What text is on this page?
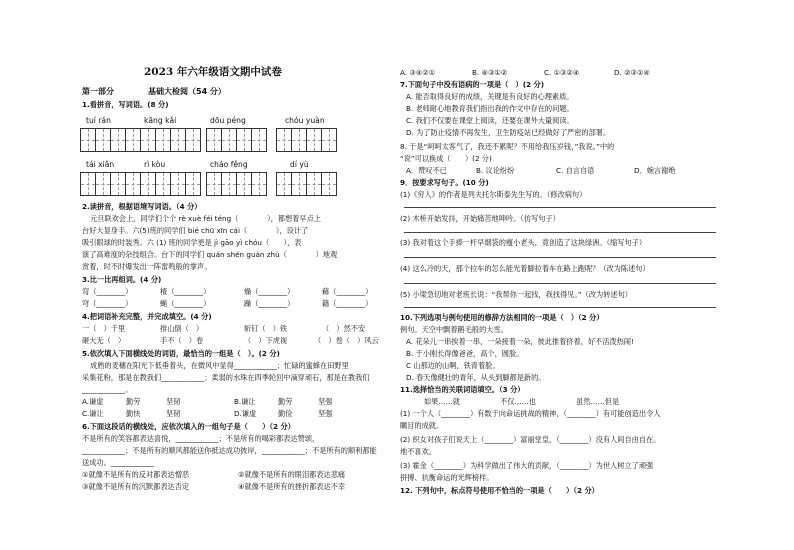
2023 年六年级语文期中试卷
第一部分	基础大检阅（54 分）
1.看拼音，写词语。(8 分)
tuí rán	kāng kǎi	dōu péng	chóu yuàn
tái xiǎn	rì kòu	cháo fěng	dí yù
2.读拼音，根据语境写词语。（4 分）
元旦联欢会上，同学们个个 rè xuè féi téng（　　　　），都想着早点上
台好大显身手。六(5)班的同学们 bié chū xīn cái（　　　　），设计了
吸引眼球的时装秀。六 (1) 班的同学更是 jì gāo yì chóu（　　），表
演了高难度的杂技组合。台下的同学们 quán shén guàn zhù（　　　　）地观
赏着，时不时爆发出一阵雷鸣般的掌声。
3.比一比再组词。(4 分)
弯（________）	楂（________）	燥（________）	藉（________）
穹（________）	蝇（________）	躁（________）	籍（________）
4.把词语补充完整，并完成填空。(4 分)
一（　）千里	排山倒（　）	斩钉（　）铁	（　）然不安
砸大无（　）	手不（　）卷	（　）下虎视	（　）卷（　）风云
5.依次填入下面横线处的词语，最恰当的一组是（　）。(2 分)
成熟的麦穗在阳光下低垂着头，在微风中显得____________；忙碌的蜜蜂在田野里
采集花粉，那是在教我们____________；柔弱的水珠在四季轮回中滴穿顽石，那是在教我们
____________。
A.谦虚	勤劳	坚韧	B.谦让	勤劳	坚强
C.谦让	勤快	坚韧	D.谦虚	勤俭	坚强
6.下面这段话的横线处，应依次填入的一组句子是（　　）（2 分）
不是所有的笑容都表达喜悦，____________；不是所有的喝彩都表达赞颂，
____________；不是所有的顺风都能送你抵达成功彼岸，____________；不是所有的顺利都能
送成功。____________
①就像不是所有的反对都表达憎恶	②就像不是所有的眼泪都表达悲痛
③就像不是所有的沉默都表达否定	④就像不是所有的挫折都表达不幸
A. ③④②①	B. ④③①②	C. ①③②④	D. ②③①④
7.下面句子中没有语病的一项是（　）(2 分)
A. 能否取得良好的成绩，关键是有良好的心理素质。
B. 老师耐心地教育我们指出我的作文中存在的问题。
C. 我们不仅要在课堂上阅读，还要在课外大量阅读。
D. 为了防止疫情不再发生，卫生防疫站已经做好了严密的部署。
8. 于是“呵呵太客气了，我还不累呢？不用给我压岁钱，”我说。”中的
“说”可以换成（　　）(2 分)
A．赞叹不已	B. 议论纷纷	C. 自言自语	D．婉言谢绝
9．按要求写句子。(10 分)
(1)《穷人》的作者是列夫托尔斯泰先生写的。（修改病句）
(2) 木桥开始发抖，开始痛苦地呻吟。（仿写句子）
(3) 我对着这个手捧一杆早烟袋的瘦小老头，竟创造了这块绿洲。（缩写句子）
(4) 这么冷的天，那个拉车的怎么能光着脚拉着车在路上跑呢？（改为陈述句）
(5) 小梁急切地对老班长说：“我帮你一起找，我找得见。”（改为转述句）
10.下列选项与例句使用的修辞方法相同的一项是（　）（2 分）
例句。天空中飘着鹅毛般的大雪。
A. 花朵儿一串挨着一串，一朵接着一朵，彼此推着挤着，好不活泼热闹!
B. 于小刚长得像爸爸，高个，圆脸。
C 山那边的山啊，铁青着脸。
D. 春天像健壮的青年，从头到脚都是新的。
11.选择恰当的关联词语填空。（3 分）
如果……就	不仅……也	虽然……但是
(1) 一个人（________）有数于向命运挑战的精神，（________）有可能创造出令人
瞩目的成就。
(2) 织女对孩子们说天上（________）富丽堂皇，（________）没有人间自由自在。
地不喜欢。
(3) 霍金（________）为科学做出了伟大的贡献，（________）为世人树立了顽强
拼搏、抗衡命运的光辉榜样。
12. 下列句中，标点符号使用不恰当的一项是（　　）（2 分）
